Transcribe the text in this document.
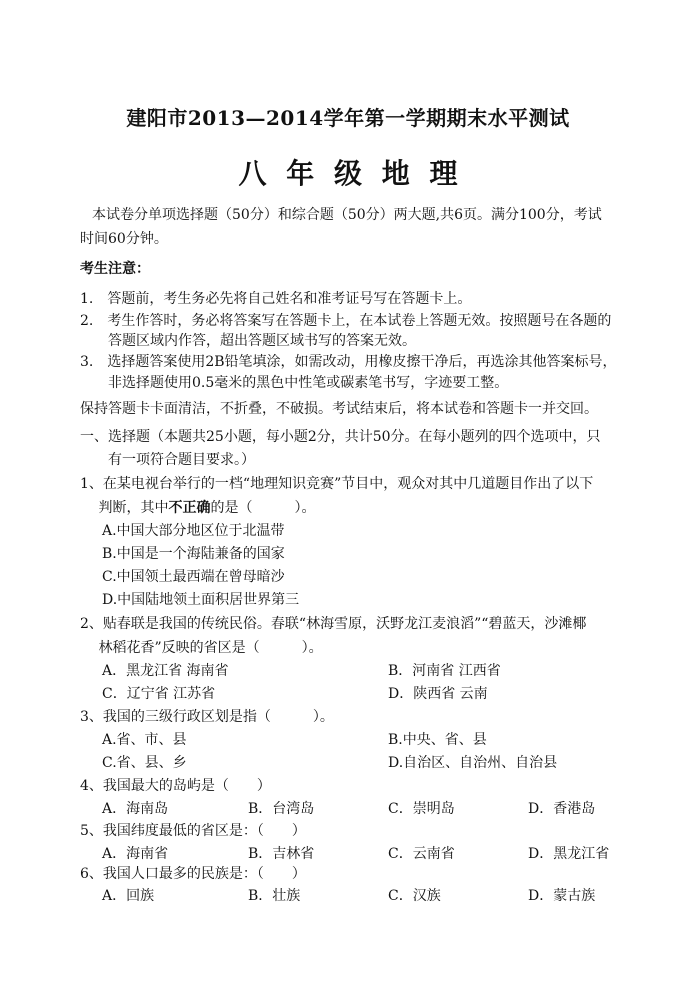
建阳市2013—2014学年第一学期期末水平测试
八 年 级 地 理
本试卷分单项选择题（50分）和综合题（50分）两大题,共6页。满分100分，考试
时间60分钟。
考生注意：
1.　答题前，考生务必先将自己姓名和准考证号写在答题卡上。
2.　考生作答时，务必将答案写在答题卡上，在本试卷上答题无效。按照题号在各题的
　　答题区域内作答，超出答题区域书写的答案无效。
3.　选择题答案使用2B铅笔填涂，如需改动，用橡皮擦干净后，再选涂其他答案标号，
　　非选择题使用0.5毫米的黑色中性笔或碳素笔书写，字迹要工整。
保持答题卡卡面清洁，不折叠，不破损。考试结束后，将本试卷和答题卡一并交回。
一、选择题（本题共25小题，每小题2分，共计50分。在每小题列的四个选项中，只
　　有一项符合题目要求。）
1、在某电视台举行的一档“地理知识竞赛”节目中，观众对其中几道题目作出了以下
　 判断，其中不正确的是（　　　）。
A.中国大部分地区位于北温带
B.中国是一个海陆兼备的国家
C.中国领土最西端在曾母暗沙
D.中国陆地领土面积居世界第三
2、贴春联是我国的传统民俗。春联“林海雪原，沃野龙江麦浪滔”“碧蓝天，沙滩椰
　 林稻花香”反映的省区是（　　　）。
A．黑龙江省 海南省	B．河南省 江西省
C．辽宁省 江苏省	D．陕西省 云南
3、我国的三级行政区划是指（　　　）。
A.省、市、县	B.中央、省、县
C.省、县、乡	D.自治区、自治州、自治县
4、我国最大的岛屿是（　　）
A．海南岛	B．台湾岛	C．崇明岛	D．香港岛
5、我国纬度最低的省区是：（　　）
A．海南省	B．吉林省	C．云南省	D．黑龙江省
6、我国人口最多的民族是：（　　）
A．回族	B．壮族	C．汉族	D．蒙古族
